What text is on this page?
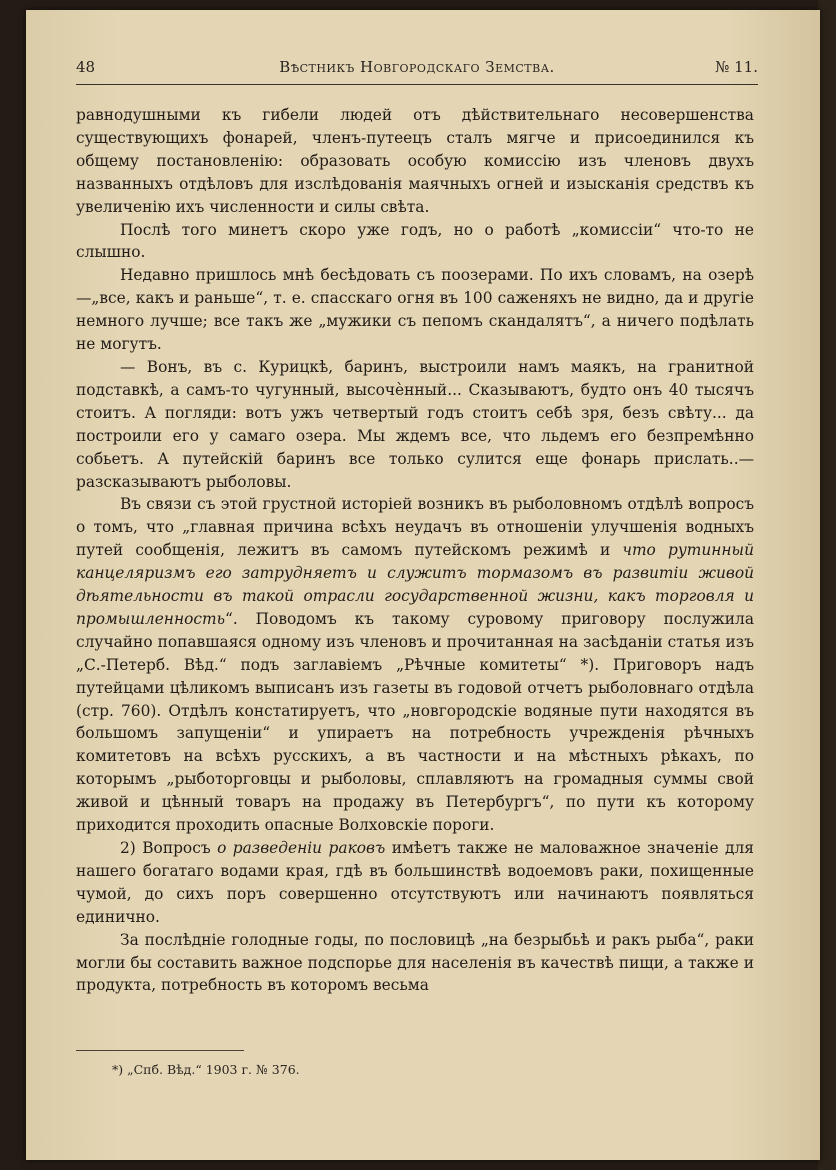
48	Вѣстникъ Новгородскаго Земства.	№ 11.

равнодушными къ гибели людей отъ дѣйствительнаго несовершенства существующихъ фонарей, членъ-путеецъ сталъ мягче и присоединился къ общему постановленію: образовать особую комиссію изъ членовъ двухъ названныхъ отдѣловъ для изслѣдованія маячныхъ огней и изысканія средствъ къ увеличенію ихъ численности и силы свѣта.

Послѣ того минетъ скоро уже годъ, но о работѣ „комиссіи“ что-то не слышно.

Недавно пришлось мнѣ бесѣдовать съ поозерами. По ихъ словамъ, на озерѣ—„все, какъ и раньше“, т. е. спасскаго огня въ 100 саженяхъ не видно, да и другіе немного лучше; все такъ же „мужики съ пепомъ скандалятъ“, а ничего подѣлать не могутъ.

— Вонъ, въ с. Курицкѣ, баринъ, выстроили намъ маякъ, на гранитной подставкѣ, а самъ-то чугунный, высочѐнный... Сказываютъ, будто онъ 40 тысячъ стоитъ. А погляди: вотъ ужъ четвертый годъ стоитъ себѣ зря, безъ свѣту... да построили его у самаго озера. Мы ждемъ все, что льдемъ его безпремѣнно собьетъ. А путейскій баринъ все только сулится еще фонарь прислать..—разсказываютъ рыболовы.

Въ связи съ этой грустной исторіей возникъ въ рыболовномъ отдѣлѣ вопросъ о томъ, что „главная причина всѣхъ неудачъ въ отношеніи улучшенія водныхъ путей сообщенія, лежитъ въ самомъ путейскомъ режимѣ и что рутинный канцеляризмъ его затрудняетъ и служитъ тормазомъ въ развитіи живой дѣятельности въ такой отрасли государственной жизни, какъ торговля и промышленность“. Поводомъ къ такому суровому приговору послужила случайно попавшаяся одному изъ членовъ и прочитанная на засѣданіи статья изъ „С.-Петерб. Вѣд.“ подъ заглавіемъ „Рѣчные комитеты“ *). Приговоръ надъ путейцами цѣликомъ выписанъ изъ газеты въ годовой отчетъ рыболовнаго отдѣла (стр. 760). Отдѣлъ констатируетъ, что „новгородскіе водяные пути находятся въ большомъ запущеніи“ и упираетъ на потребность учрежденія рѣчныхъ комитетовъ на всѣхъ русскихъ, а въ частности и на мѣстныхъ рѣкахъ, по которымъ „рыботорговцы и рыболовы, сплавляютъ на громадныя суммы свой живой и цѣнный товаръ на продажу въ Петербургъ“, по пути къ которому приходится проходить опасные Волховскіе пороги.

2) Вопросъ о разведеніи раковъ имѣетъ также не маловажное значеніе для нашего богатаго водами края, гдѣ въ большинствѣ водоемовъ раки, похищенные чумой, до сихъ поръ совершенно отсутствуютъ или начинаютъ появляться единично.

За послѣдніе голодные годы, по пословицѣ „на безрыбьѣ и ракъ рыба“, раки могли бы составить важное подспорье для населенія въ качествѣ пищи, а также и продукта, потребность въ которомъ весьма

*) „Спб. Вѣд.“ 1903 г. № 376.
